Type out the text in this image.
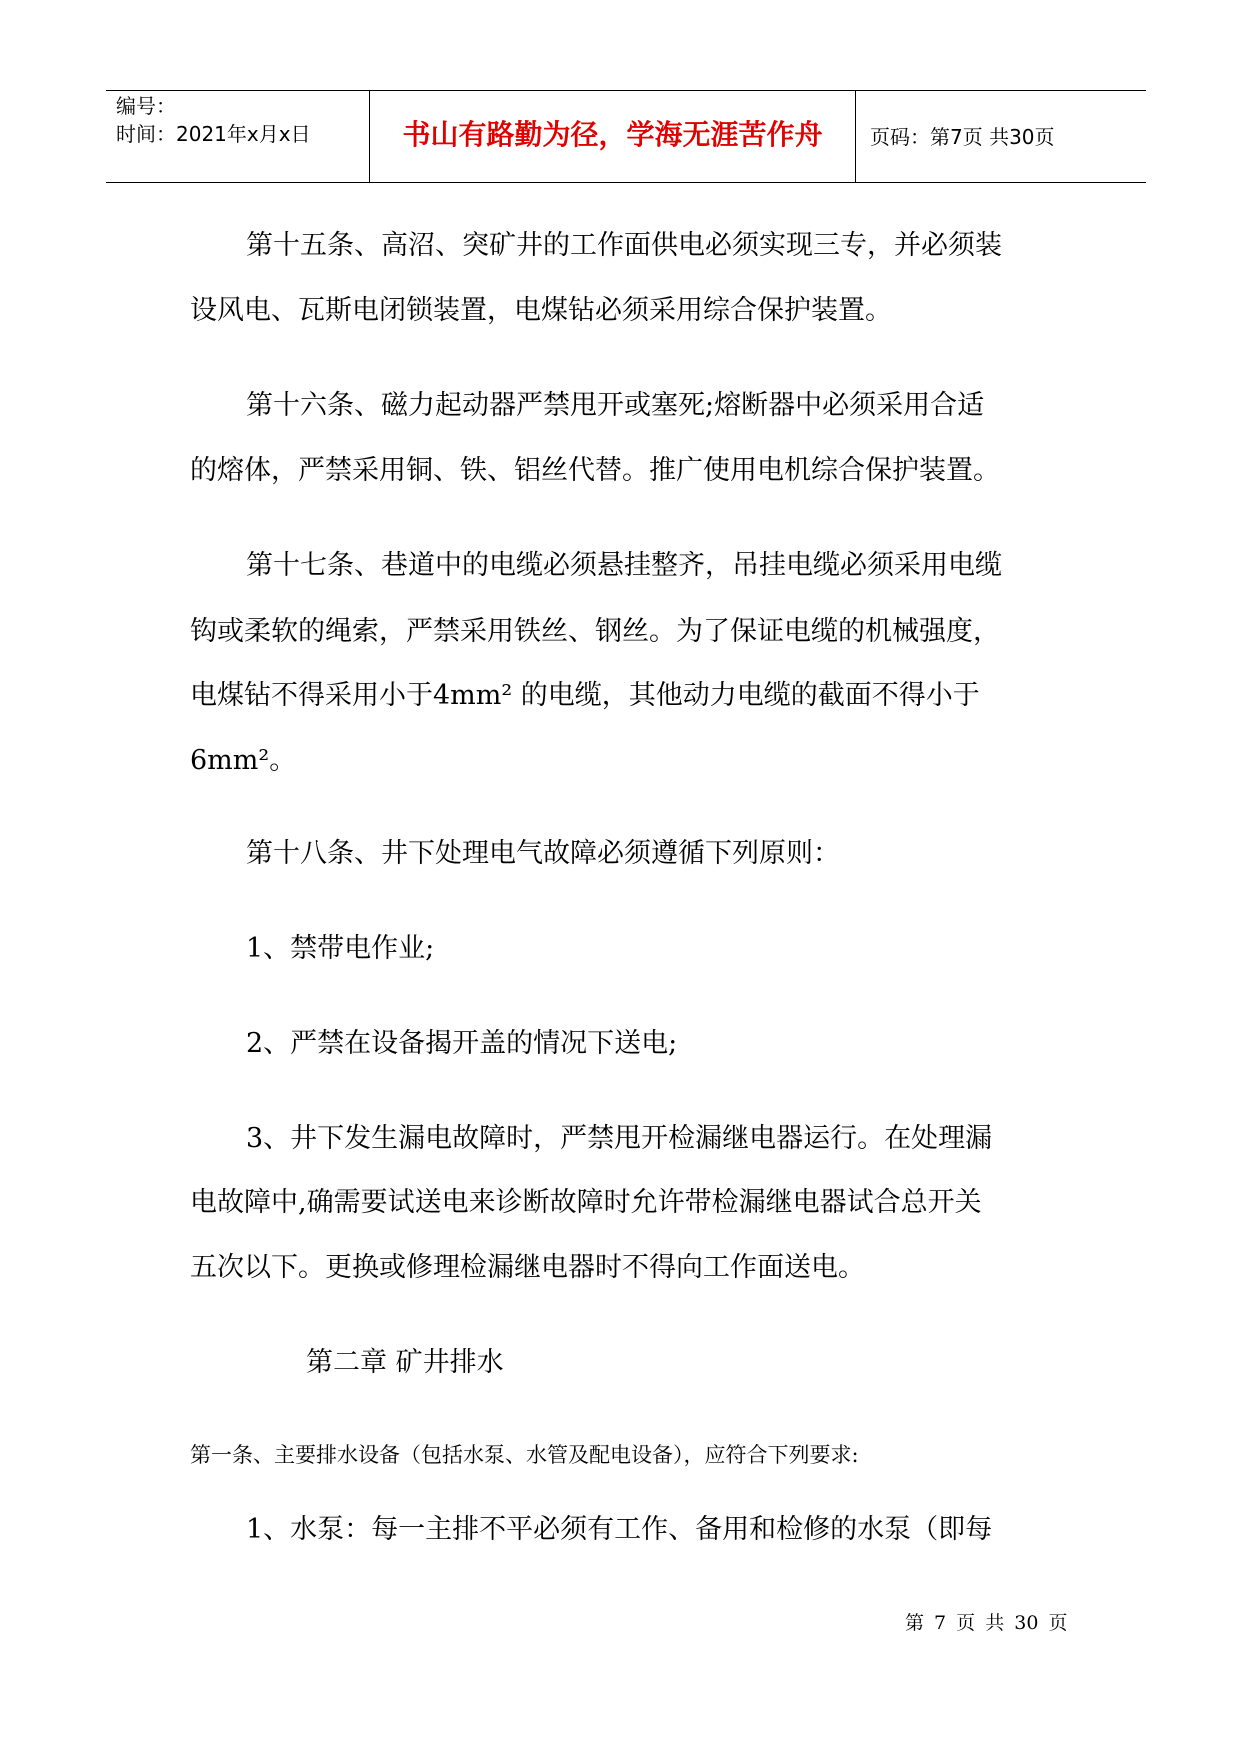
编号：
时间：2021年x月x日	书山有路勤为径，学海无涯苦作舟	页码：第7页 共30页
第十五条、高沼、突矿井的工作面供电必须实现三专，并必须装
设风电、瓦斯电闭锁装置，电煤钻必须采用综合保护装置。
第十六条、磁力起动器严禁甩开或塞死;熔断器中必须采用合适
的熔体，严禁采用铜、铁、铝丝代替。推广使用电机综合保护装置。
第十七条、巷道中的电缆必须悬挂整齐，吊挂电缆必须采用电缆
钩或柔软的绳索，严禁采用铁丝、钢丝。为了保证电缆的机械强度，
电煤钻不得采用小于4mm² 的电缆，其他动力电缆的截面不得小于
6mm²。
第十八条、井下处理电气故障必须遵循下列原则：
1、禁带电作业;
2、严禁在设备揭开盖的情况下送电;
3、井下发生漏电故障时，严禁甩开检漏继电器运行。在处理漏
电故障中,确需要试送电来诊断故障时允许带检漏继电器试合总开关
五次以下。更换或修理检漏继电器时不得向工作面送电。
第二章 矿井排水
第一条、主要排水设备（包括水泵、水管及配电设备），应符合下列要求:
1、水泵：每一主排不平必须有工作、备用和检修的水泵（即每
第 7 页 共 30 页
